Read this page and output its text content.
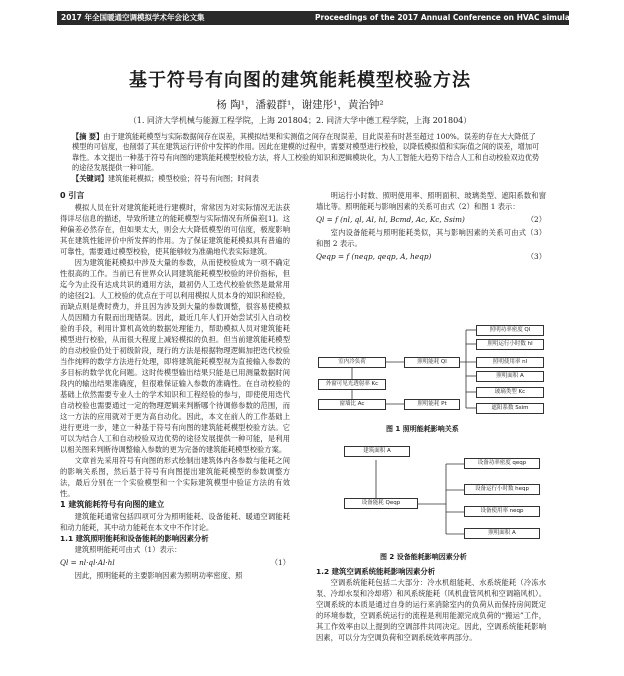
2017 年全国暖通空调模拟学术年会论文集	Proceedings of the 2017 Annual Conference on HVAC simulation in China
基于符号有向图的建筑能耗模型校验方法
杨 陶¹，潘毅群¹，谢建彤¹，黄治钟²
（1. 同济大学机械与能源工程学院，上海 201804；2. 同济大学中德工程学院，上海 201804）
【摘 要】由于建筑能耗模型与实际数据间存在误差，其模拟结果和实测值之间存在现误差，目此误差有时甚至超过 100%。误差的存在大大降低了模型的可信度，也削弱了其在建筑运行评价中发挥的作用。因此在建模的过程中，需要对模型进行校验，以降低模拟值和实际值之间的误差，增加可靠性。本文提出一种基于符号有向图的建筑能耗模型校验方法，将人工校验的知识和逻辑模块化，为人工智能大趋势下结合人工和自动校验双边优势的途径发展提供一种可能。
【关键词】建筑能耗模拟；模型校验；符号有向图；时间表
0 引言

模拟人员在针对建筑能耗进行建模时，常常因为对实际情况无法获得详尽信息的描述，导致所建立的能耗模型与实际情况有所偏差[1]。这种偏差必然存在，但如果太大，则会大大降低模型的可信度，极度影响其在建筑性能评价中所发挥的作用。为了保证建筑能耗模拟具有普遍的可靠性，需要通过模型校验，使其能够较为准确地代表实际建筑。

因为建筑能耗模拟中涉及大量的参数，从而使校验成为一项不确定性很高的工作。当前已有世界众认同建筑能耗模型校验的评价指标，但迄今为止没有达成共识的通用方法，最初仍人工迭代校验依然是最常用的途径[2]。人工校验的优点在于可以利用模拟人员本身的知识和经验，而缺点则是费时费力，并且因为涉及到大量的参数调整，很容易使模拟人员因精力有限而出现错误。因此，最近几年人们开始尝试引入自动校验的手段，利用计算机高效的数据处理能力，帮助模拟人员对建筑能耗模型进行校验，从而很大程度上减轻模拟的负担。但当前建筑能耗模型的自动校验仍处于初级阶段，现行的方法是根据物理逻辑加把迭代校验当作纯粹的数学方法进行处理，即将建筑能耗模型视为直接输入参数的多目标的数学优化问题。这时传模型输出结果只能是已用测量数据时间段内的输出结果准确度，但很难保证输入参数的准确性。在自动校验的基础上依然需要专业人士的学术知识和工程经验的参与，即使使用迭代自动校验也需要通过一定的物理逻辑来判断哪个待调修参数的范围，而这一方法的应用就对于更为高自动化。因此，本文在前人的工作基础上进行更进一步，建立一种基于符号有向图的建筑能耗模型校验方法。它可以为结合人工和自动校验双边优势的途径发展提供一种可能，是利用以相关图来判断待调整输入参数的更为完备的建筑能耗模型校验方案。

文章首先采用符号有向图的形式绘制出建筑体内各参数与能耗之间的影响关系图，然后基于符号有向图提出建筑能耗模型的参数调整方法，最后分别在一个实验模型和一个实际建筑模型中验证方法的有效性。

1 建筑能耗符号有向图的建立

建筑能耗通常包括四项可分为照明能耗、设备能耗、暖通空调能耗和动力能耗，其中动力能耗在本文中不作讨论。

1.1 建筑照明能耗和设备能耗的影响因素分析

建筑照明能耗可由式（1）表示：

Ql = nl·ql·Al·hl	（1）

因此，照明能耗的主要影响因素为照明功率密度、照

明运行小时数、照明使用率、照明面积、玻璃类型、遮阳系数和窗墙比等。照明能耗与影响因素的关系可由式（2）和图 1 表示：

Ql = f (nl, ql, Al, hl, Bcmd, Ac, Kc, Ssim)	（2）

室内设备能耗与照明能耗类似，其与影响因素的关系可由式（3）和图 2 表示。

Qeqp = f (neqp, qeqp, A, heqp)	（3）
照明功率密度 Ql
照明运行小时数 hl
照明使用率 nl
照明面积 A
玻璃类型 Kc
遮阳系数 Ssim
室内冷负荷	照明能耗 Ql
外窗可见光透射率 Kc
窗墙比 Ac	照明能耗 Pt
图 1 照明能耗影响关系
建筑面积 A
设备能耗 Qeqp
设备功率密度 qeqp
设备运行小时数 heqp
设备使用率 neqp
照明面积 A
图 2 设备能耗影响因素分析
1.2 建筑空调系统能耗影响因素分析

空调系统能耗包括二大部分：冷水机组能耗、水系统能耗（冷冻水泵、冷却水泵和冷却塔）和风系统能耗（风机盘管风机和空调箱风机）。空调系统的本质是通过自身的运行来消除室内的负荷从而保持房间既定的环境参数，空调系统运行的流程是利用能源完成负荷的“搬运”工作，其工作效率由以上提到的空调部件共同决定。因此，空调系统能耗影响因素，可以分为空调负荷和空调系统效率两部分。
